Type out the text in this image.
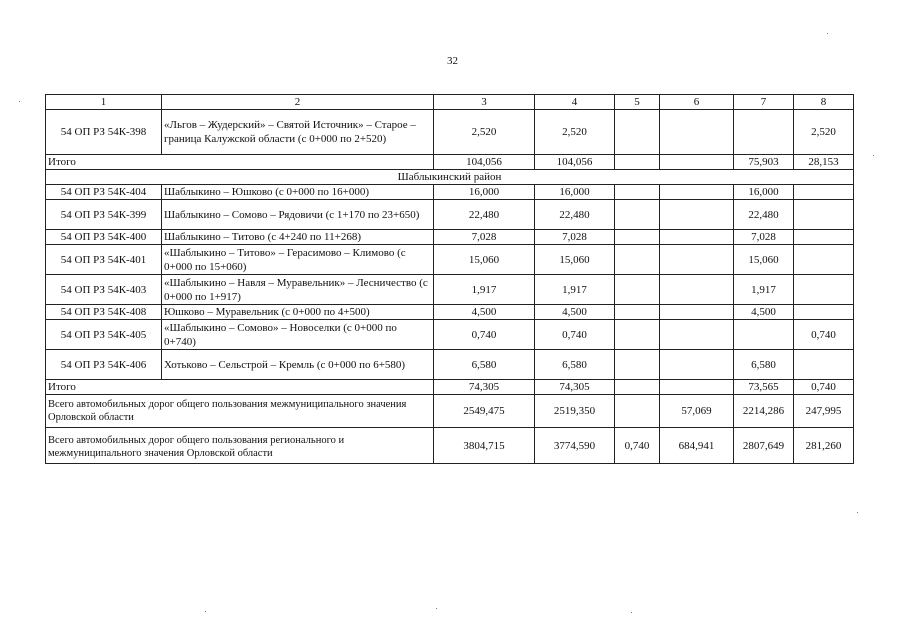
32
1	2	3	4	5	6	7	8
54 ОП РЗ 54К-398	«Льгов – Жудерский» – Святой Источник» – Старое – граница Калужской области (с 0+000 по 2+520)	2,520	2,520				2,520
Итого		104,056	104,056			75,903	28,153
Шаблыкинский район							
54 ОП РЗ 54К-404	Шаблыкино – Юшково (с 0+000 по 16+000)	16,000	16,000			16,000	
54 ОП РЗ 54К-399	Шаблыкино – Сомово – Рядовичи (с 1+170 по 23+650)	22,480	22,480			22,480	
54 ОП РЗ 54К-400	Шаблыкино – Титово (с 4+240 по 11+268)	7,028	7,028			7,028	
54 ОП РЗ 54К-401	«Шаблыкино – Титово» – Герасимово – Климово (с 0+000 по 15+060)	15,060	15,060			15,060	
54 ОП РЗ 54К-403	«Шаблыкино – Навля – Муравельник» – Лесничество (с 0+000 по 1+917)	1,917	1,917			1,917	
54 ОП РЗ 54К-408	Юшково – Муравельник (с 0+000 по 4+500)	4,500	4,500			4,500	
54 ОП РЗ 54К-405	«Шаблыкино – Сомово» – Новоселки (с 0+000 по 0+740)	0,740	0,740				0,740
54 ОП РЗ 54К-406	Хотьково – Сельстрой – Кремль (с 0+000 по 6+580)	6,580	6,580			6,580	
Итого		74,305	74,305			73,565	0,740
Всего автомобильных дорог общего пользования межмуниципального значения Орловской области		2549,475	2519,350		57,069	2214,286	247,995
Всего автомобильных дорог общего пользования регионального и межмуниципального значения Орловской области		3804,715	3774,590	0,740	684,941	2807,649	281,260
